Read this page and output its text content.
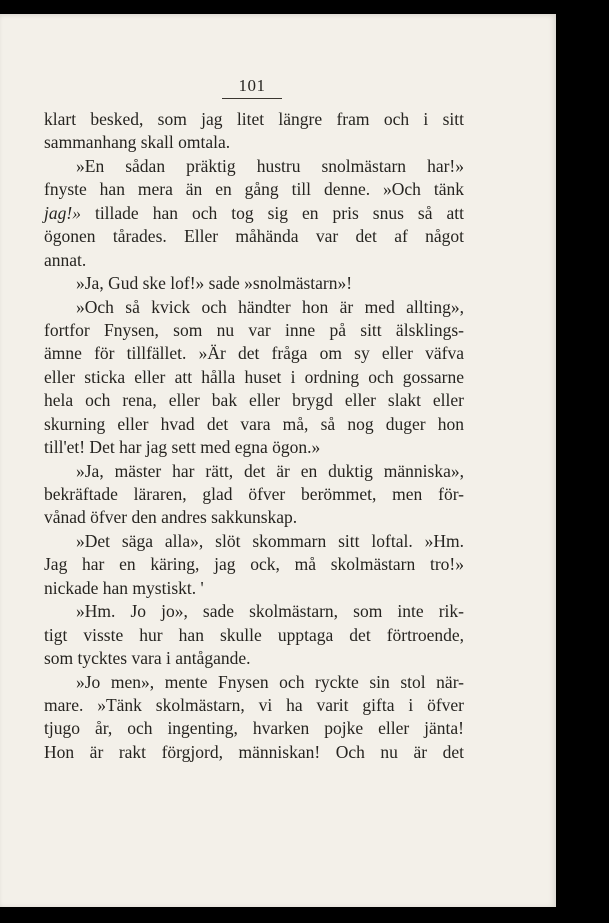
101
klart besked, som jag litet längre fram och i sitt
sammanhang skall omtala.
»En sådan präktig hustru snolmästarn har!»
fnyste han mera än en gång till denne. »Och tänk
jag!» tillade han och tog sig en pris snus så att
ögonen tårades. Eller måhända var det af något
annat.
»Ja, Gud ske lof!» sade »snolmästarn»!
»Och så kvick och händter hon är med allting»,
fortfor Fnysen, som nu var inne på sitt älsklings-
ämne för tillfället. »Är det fråga om sy eller väfva
eller sticka eller att hålla huset i ordning och gossarne
hela och rena, eller bak eller brygd eller slakt eller
skurning eller hvad det vara må, så nog duger hon
till'et! Det har jag sett med egna ögon.»
»Ja, mäster har rätt, det är en duktig människa»,
bekräftade läraren, glad öfver berömmet, men för-
vånad öfver den andres sakkunskap.
»Det säga alla», slöt skommarn sitt loftal. »Hm.
Jag har en käring, jag ock, må skolmästarn tro!»
nickade han mystiskt. '
»Hm. Jo jo», sade skolmästarn, som inte rik-
tigt visste hur han skulle upptaga det förtroende,
som tycktes vara i antågande.
»Jo men», mente Fnysen och ryckte sin stol när-
mare. »Tänk skolmästarn, vi ha varit gifta i öfver
tjugo år, och ingenting, hvarken pojke eller jänta!
Hon är rakt förgjord, människan! Och nu är det
